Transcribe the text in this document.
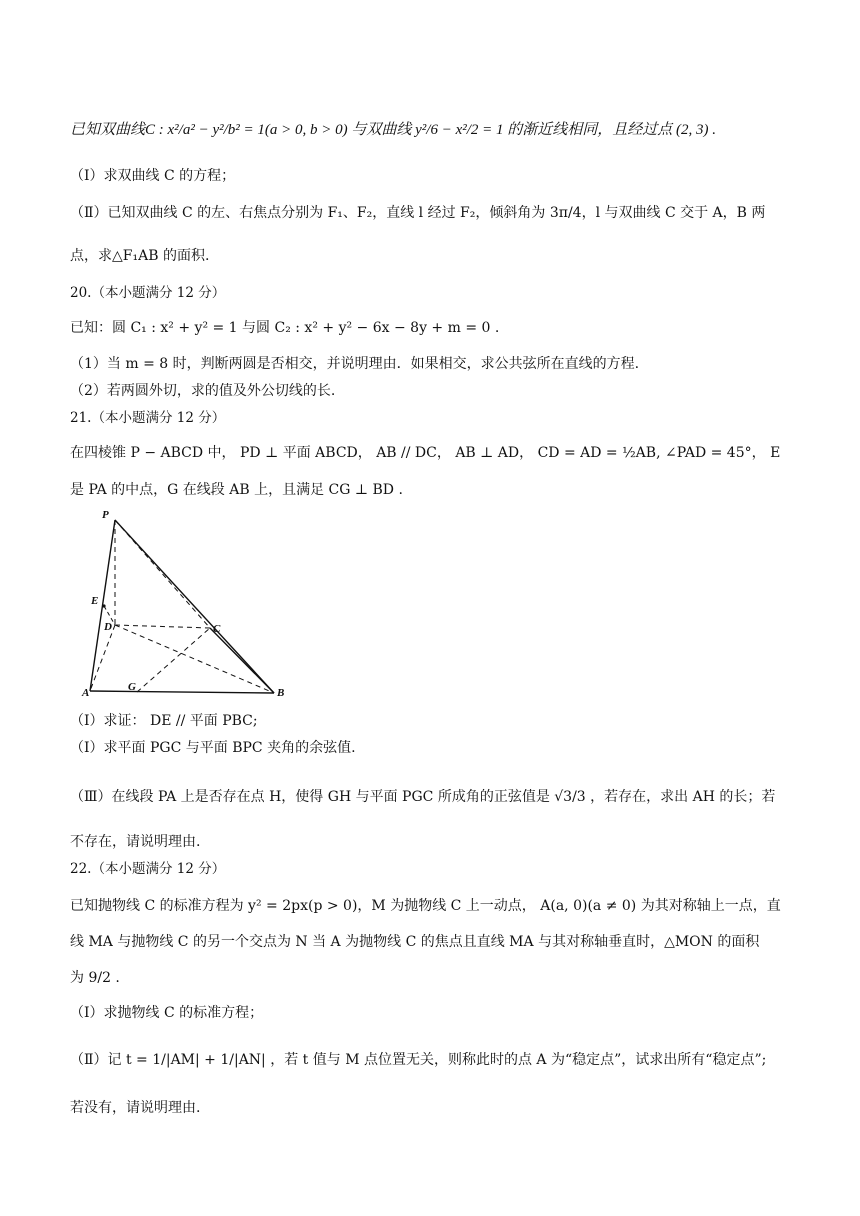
已知双曲线C : x²/a² − y²/b² = 1(a > 0, b > 0) 与双曲线 y²/6 − x²/2 = 1 的渐近线相同，且经过点 (2, 3) .
（I）求双曲线 C 的方程；
（Ⅱ）已知双曲线 C 的左、右焦点分别为 F₁、F₂，直线 l 经过 F₂，倾斜角为 3π/4，l 与双曲线 C 交于 A，B 两
点，求△F₁AB 的面积.
20.（本小题满分 12 分）
已知：圆 C₁ : x² + y² = 1 与圆 C₂ : x² + y² − 6x − 8y + m = 0 .
（1）当 m = 8 时，判断两圆是否相交，并说明理由．如果相交，求公共弦所在直线的方程.
（2）若两圆外切，求的值及外公切线的长.
21.（本小题满分 12 分）
在四棱锥 P − ABCD 中， PD ⊥ 平面 ABCD， AB // DC， AB ⊥ AD， CD = AD = ½AB, ∠PAD = 45°， E
是 PA 的中点，G 在线段 AB 上，且满足 CG ⊥ BD .
P
E
D	C
A	G	B
（I）求证： DE // 平面 PBC;
（I）求平面 PGC 与平面 BPC 夹角的余弦值.
（Ⅲ）在线段 PA 上是否存在点 H，使得 GH 与平面 PGC 所成角的正弦值是 √3/3 ，若存在，求出 AH 的长；若
不存在，请说明理由.
22.（本小题满分 12 分）
已知抛物线 C 的标准方程为 y² = 2px(p > 0)，M 为抛物线 C 上一动点， A(a, 0)(a ≠ 0) 为其对称轴上一点，直
线 MA 与抛物线 C 的另一个交点为 N 当 A 为抛物线 C 的焦点且直线 MA 与其对称轴垂直时，△MON 的面积
为 9/2 .
（I）求抛物线 C 的标准方程；
（Ⅱ）记 t = 1/|AM| + 1/|AN| ，若 t 值与 M 点位置无关，则称此时的点 A 为“稳定点”，试求出所有“稳定点”;
若没有，请说明理由.
